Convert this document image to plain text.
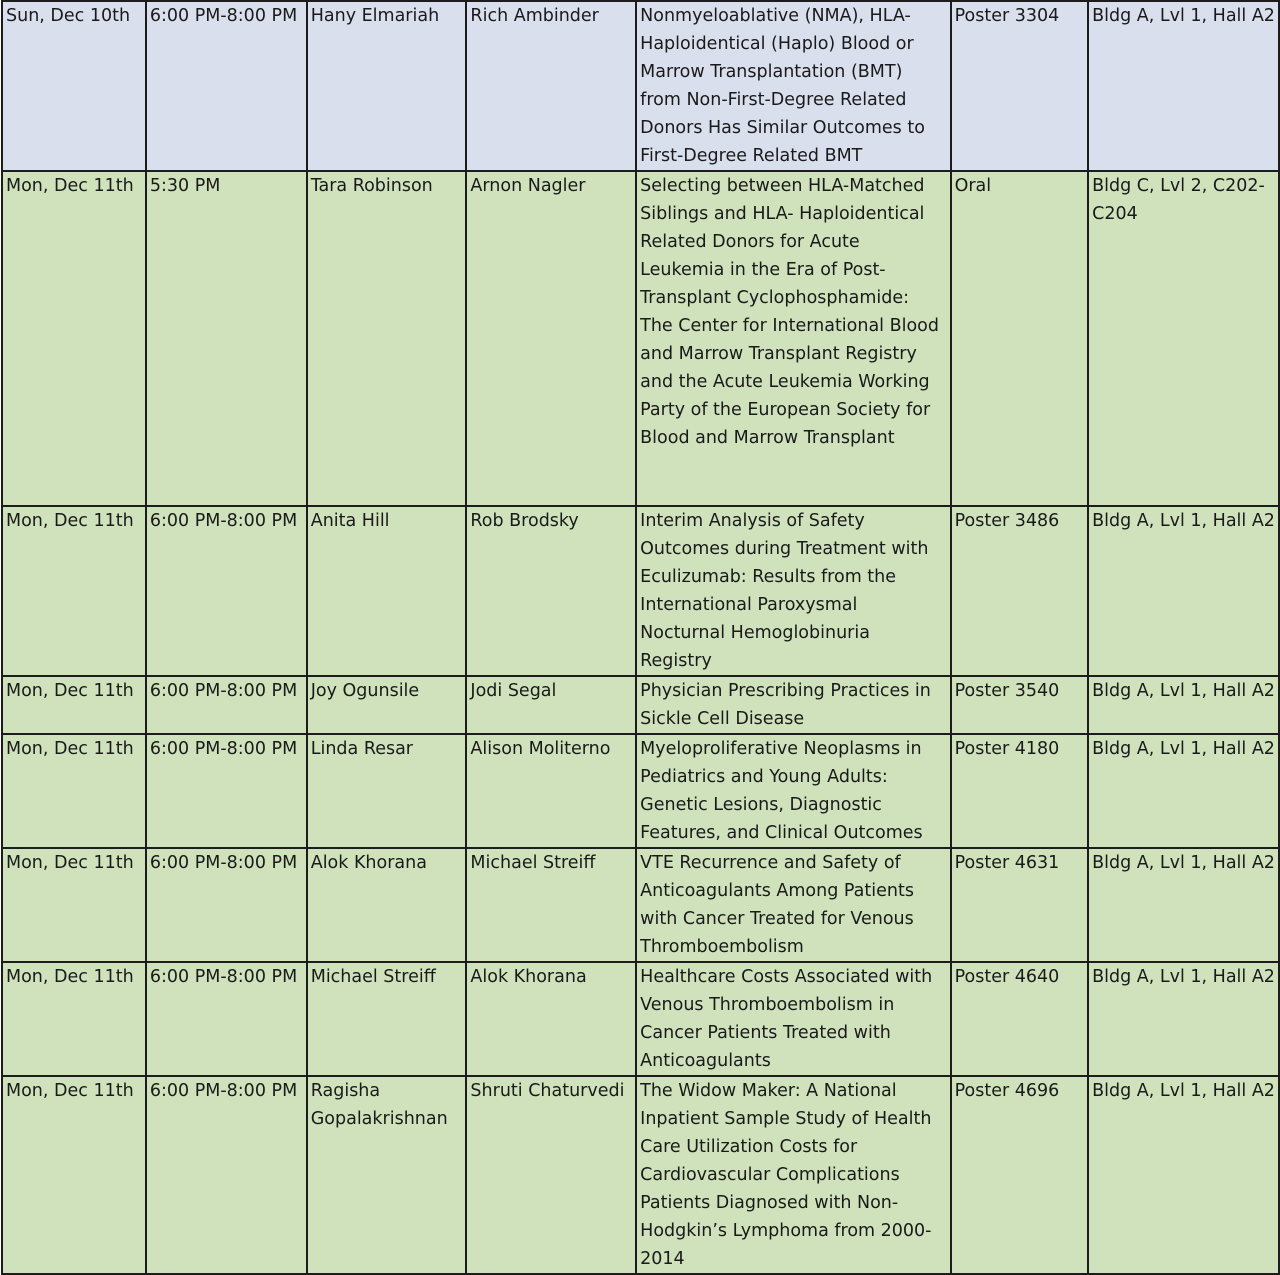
Sun, Dec 10th	6:00 PM-8:00 PM	Hany Elmariah	Rich Ambinder	Nonmyeloablative (NMA), HLA-Haploidentical (Haplo) Blood or Marrow Transplantation (BMT) from Non-First-Degree Related Donors Has Similar Outcomes to First-Degree Related BMT	Poster 3304	Bldg A, Lvl 1, Hall A2
Mon, Dec 11th	5:30 PM	Tara Robinson	Arnon Nagler	Selecting between HLA-Matched Siblings and HLA- Haploidentical Related Donors for Acute Leukemia in the Era of Post-Transplant Cyclophosphamide: The Center for International Blood and Marrow Transplant Registry and the Acute Leukemia Working Party of the European Society for Blood and Marrow Transplant	Oral	Bldg C, Lvl 2, C202-C204
Mon, Dec 11th	6:00 PM-8:00 PM	Anita Hill	Rob Brodsky	Interim Analysis of Safety Outcomes during Treatment with Eculizumab: Results from the International Paroxysmal Nocturnal Hemoglobinuria Registry	Poster 3486	Bldg A, Lvl 1, Hall A2
Mon, Dec 11th	6:00 PM-8:00 PM	Joy Ogunsile	Jodi Segal	Physician Prescribing Practices in Sickle Cell Disease	Poster 3540	Bldg A, Lvl 1, Hall A2
Mon, Dec 11th	6:00 PM-8:00 PM	Linda Resar	Alison Moliterno	Myeloproliferative Neoplasms in Pediatrics and Young Adults: Genetic Lesions, Diagnostic Features, and Clinical Outcomes	Poster 4180	Bldg A, Lvl 1, Hall A2
Mon, Dec 11th	6:00 PM-8:00 PM	Alok Khorana	Michael Streiff	VTE Recurrence and Safety of Anticoagulants Among Patients with Cancer Treated for Venous Thromboembolism	Poster 4631	Bldg A, Lvl 1, Hall A2
Mon, Dec 11th	6:00 PM-8:00 PM	Michael Streiff	Alok Khorana	Healthcare Costs Associated with Venous Thromboembolism in Cancer Patients Treated with Anticoagulants	Poster 4640	Bldg A, Lvl 1, Hall A2
Mon, Dec 11th	6:00 PM-8:00 PM	Ragisha Gopalakrishnan	Shruti Chaturvedi	The Widow Maker: A National Inpatient Sample Study of Health Care Utilization Costs for Cardiovascular Complications Patients Diagnosed with Non-Hodgkin’s Lymphoma from 2000-2014	Poster 4696	Bldg A, Lvl 1, Hall A2
